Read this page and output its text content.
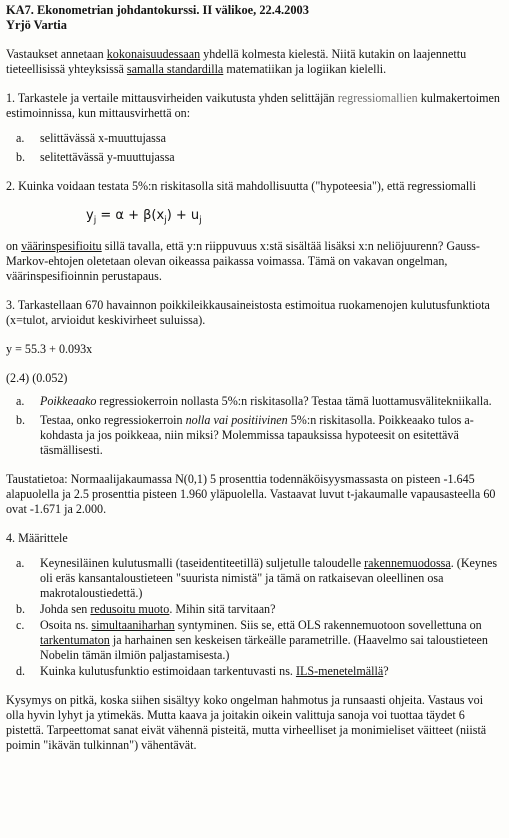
KA7. Ekonometrian johdantokurssi. II välikoe, 22.4.2003
Yrjö Vartia

Vastaukset annetaan kokonaisuudessaan yhdellä kolmesta kielestä. Niitä kutakin on laajennettu tieteellisissä yhteyksissä samalla standardilla matematiikan ja logiikan kielelli.

1. Tarkastele ja vertaile mittausvirheiden vaikutusta yhden selittäjän regressiomallien kulmakertoimen estimoinnissa, kun mittausvirhettä on:

a. selittävässä x-muuttujassa
b. selitettävässä y-muuttujassa

2. Kuinka voidaan testata 5%:n riskitasolla sitä mahdollisuutta ("hypoteesia"), että regressiomalli

$y_j = \alpha + \beta(x_j) + u_j$

on väärinspesifioitu sillä tavalla, että y:n riippuvuus x:stä sisältää lisäksi x:n neliöjuurenn? Gauss-Markov-ehtojen oletetaan olevan oikeassa paikassa voimassa. Tämä on vakavan ongelman, väärinspesifioinnin perustapaus.

3. Tarkastellaan 670 havainnon poikkileikkausaineistosta estimoitua ruokamenojen kulutusfunktiota (x=tulot, arvioidut keskivirheet suluissa).

y = 55.3 + 0.093x

(2.4) (0.052)

a. Poikkeaako regressiokerroin nollasta 5%:n riskitasolla? Testaa tämä luottamusvälitekniikalla.
b. Testaa, onko regressiokerroin nolla vai positiivinen 5%:n riskitasolla. Poikkeaako tulos a-kohdasta ja jos poikkeaa, niin miksi? Molemmissa tapauksissa hypoteesit on esitettävä täsmällisesti.

Taustatietoa: Normaalijakaumassa N(0,1) 5 prosenttia todennäköisyysmassasta on pisteen -1.645 alapuolella ja 2.5 prosenttia pisteen 1.960 yläpuolella. Vastaavat luvut t-jakaumalle vapausasteella 60 ovat -1.671 ja 2.000.

4. Määrittele

a. Keynesiläinen kulutusmalli (taseidentiteetillä) suljetulle taloudelle rakennemuodossa. (Keynes oli eräs kansantaloustieteen "suurista nimistä" ja tämä on ratkaisevan oleellinen osa makrotaloustiedettä.)
b. Johda sen redusoitu muoto. Mihin sitä tarvitaan?
c. Osoita ns. simultaaniharhan syntyminen. Siis se, että OLS rakennemuotoon sovellettuna on tarkentumaton ja harhainen sen keskeisen tärkeälle parametrille. (Haavelmo sai taloustieteen Nobelin tämän ilmiön paljastamisesta.)
d. Kuinka kulutusfunktio estimoidaan tarkentuvasti ns. ILS-menetelmällä?

Kysymys on pitkä, koska siihen sisältyy koko ongelman hahmotus ja runsaasti ohjeita. Vastaus voi olla hyvin lyhyt ja ytimekäs. Mutta kaava ja joitakin oikein valittuja sanoja voi tuottaa täydet 6 pistettä. Tarpeettomat sanat eivät vähennä pisteitä, mutta virheelliset ja monimieliset väitteet (niistä poimin "ikävän tulkinnan") vähentävät.
